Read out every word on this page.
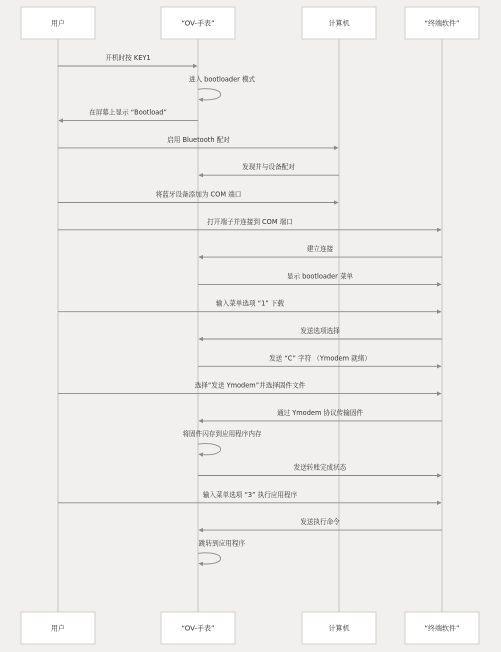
用户	“OV-手表”	计算机	“终端软件”
用户	“OV-手表”	计算机	“终端软件”
开机时按 KEY1
进入 bootloader 模式
在屏幕上显示 “Bootload”
启用 Bluetooth 配对
发现并与设备配对
将蓝牙设备添加为 COM 端口
打开端子并连接到 COM 端口
建立连接
显示 bootloader 菜单
输入菜单选项 “1” 下载
发送选项选择
发送 “C” 字符 （Ymodem 就绪）
选择“发送 Ymodem”并选择固件文件
通过 Ymodem 协议传输固件
将固件闪存到应用程序内存
发送转账完成状态
输入菜单选项 “3” 执行应用程序
发送执行命令
跳转到应用程序
